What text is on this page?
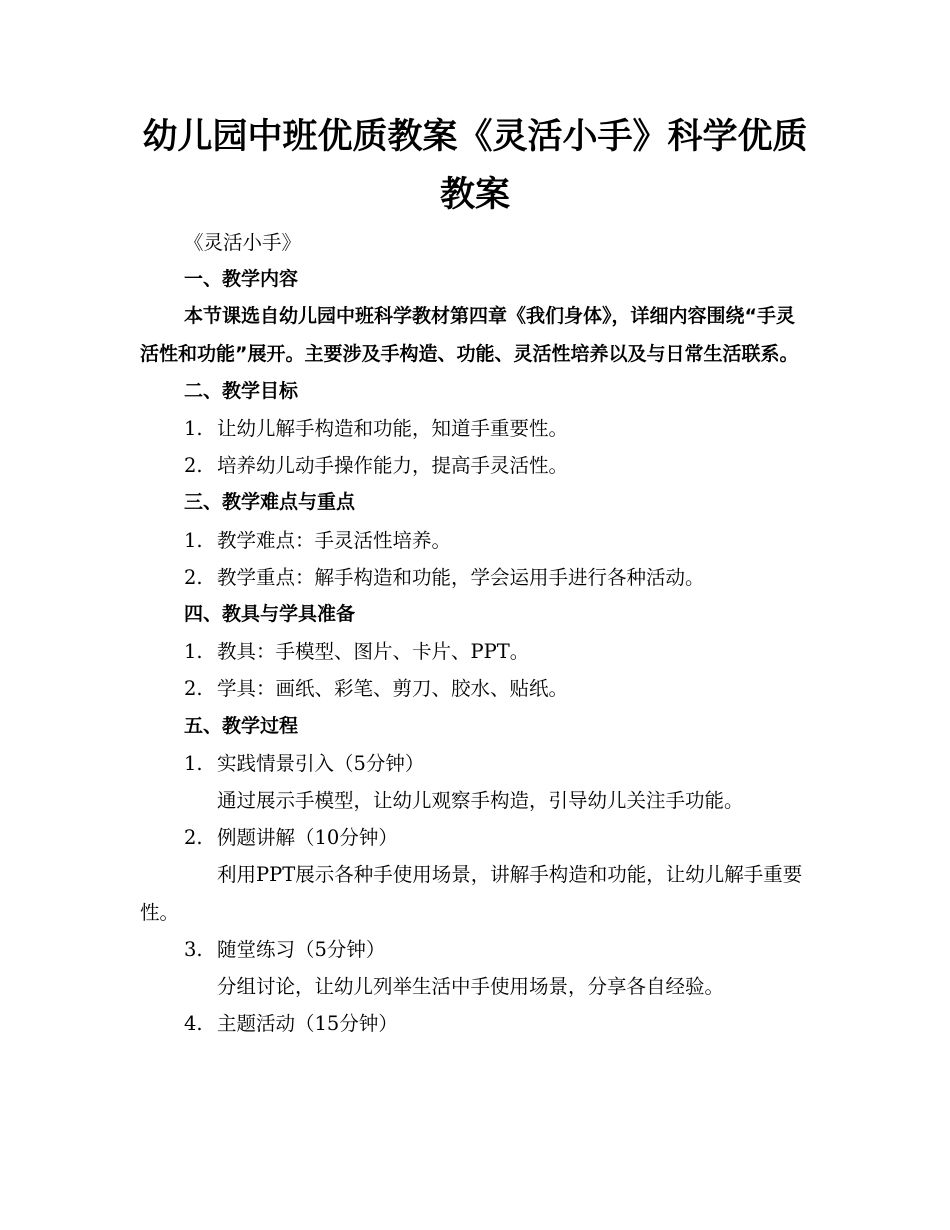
幼儿园中班优质教案《灵活小手》科学优质教案

《灵活小手》

一、教学内容

本节课选自幼儿园中班科学教材第四章《我们身体》，详细内容围绕“手灵活性和功能”展开。主要涉及手构造、功能、灵活性培养以及与日常生活联系。

二、教学目标

1. 让幼儿解手构造和功能，知道手重要性。

2. 培养幼儿动手操作能力，提高手灵活性。

三、教学难点与重点

1. 教学难点：手灵活性培养。

2. 教学重点：解手构造和功能，学会运用手进行各种活动。

四、教具与学具准备

1. 教具：手模型、图片、卡片、PPT。

2. 学具：画纸、彩笔、剪刀、胶水、贴纸。

五、教学过程

1. 实践情景引入（5分钟）

通过展示手模型，让幼儿观察手构造，引导幼儿关注手功能。

2. 例题讲解（10分钟）

利用PPT展示各种手使用场景，讲解手构造和功能，让幼儿解手重要性。

3. 随堂练习（5分钟）

分组讨论，让幼儿列举生活中手使用场景，分享各自经验。

4. 主题活动（15分钟）
